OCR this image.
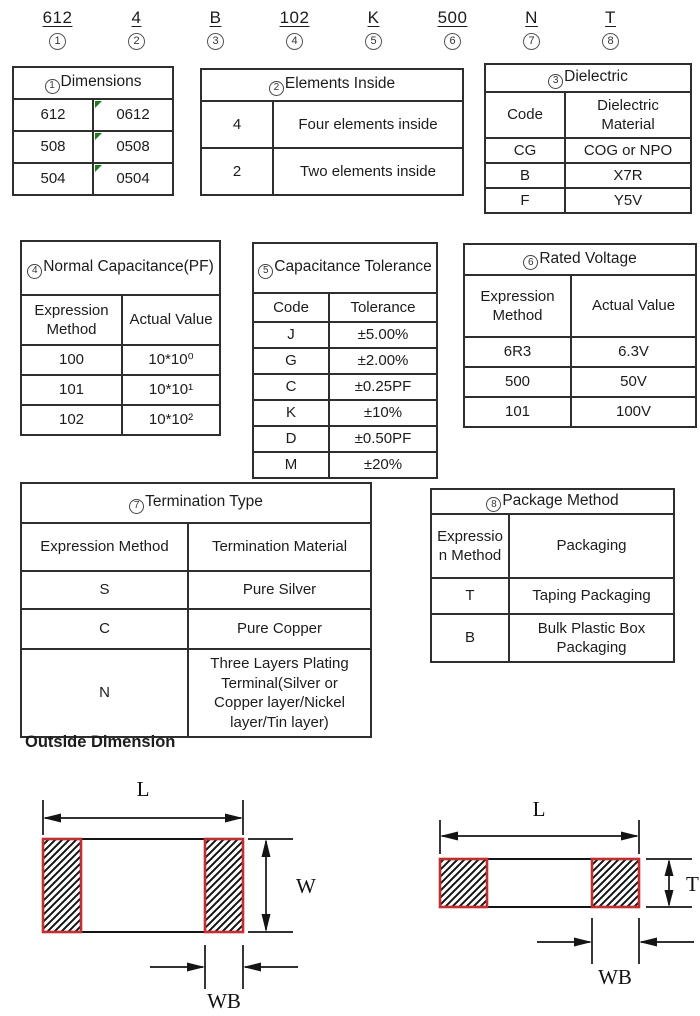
612
1
4
2
B
3
102
4
K
5
500
6
N
7
T
8
1 Dimensions	
612	0612
508	0508
504	0504
2 Elements Inside	
4	Four elements inside
2	Two elements inside
3 Dielectric	
Code	Dielectric Material
CG	COG or NPO
B	X7R
F	Y5V
4 Normal Capacitance(PF)	
Expression Method	Actual Value
100	10*10⁰
101	10*10¹
102	10*10²
5 Capacitance Tolerance	
Code	Tolerance
J	±5.00%
G	±2.00%
C	±0.25PF
K	±10%
D	±0.50PF
M	±20%
6 Rated Voltage	
Expression Method	Actual Value
6R3	6.3V
500	50V
101	100V
7 Termination Type	
Expression Method	Termination Material
S	Pure Silver
C	Pure Copper
N	Three Layers Plating Terminal(Silver or Copper layer/Nickel layer/Tin layer)
8 Package Method	
Expression Method	Packaging
T	Taping Packaging
B	Bulk Plastic Box Packaging
Outside Dimension
L
W
WB
L
T
WB
